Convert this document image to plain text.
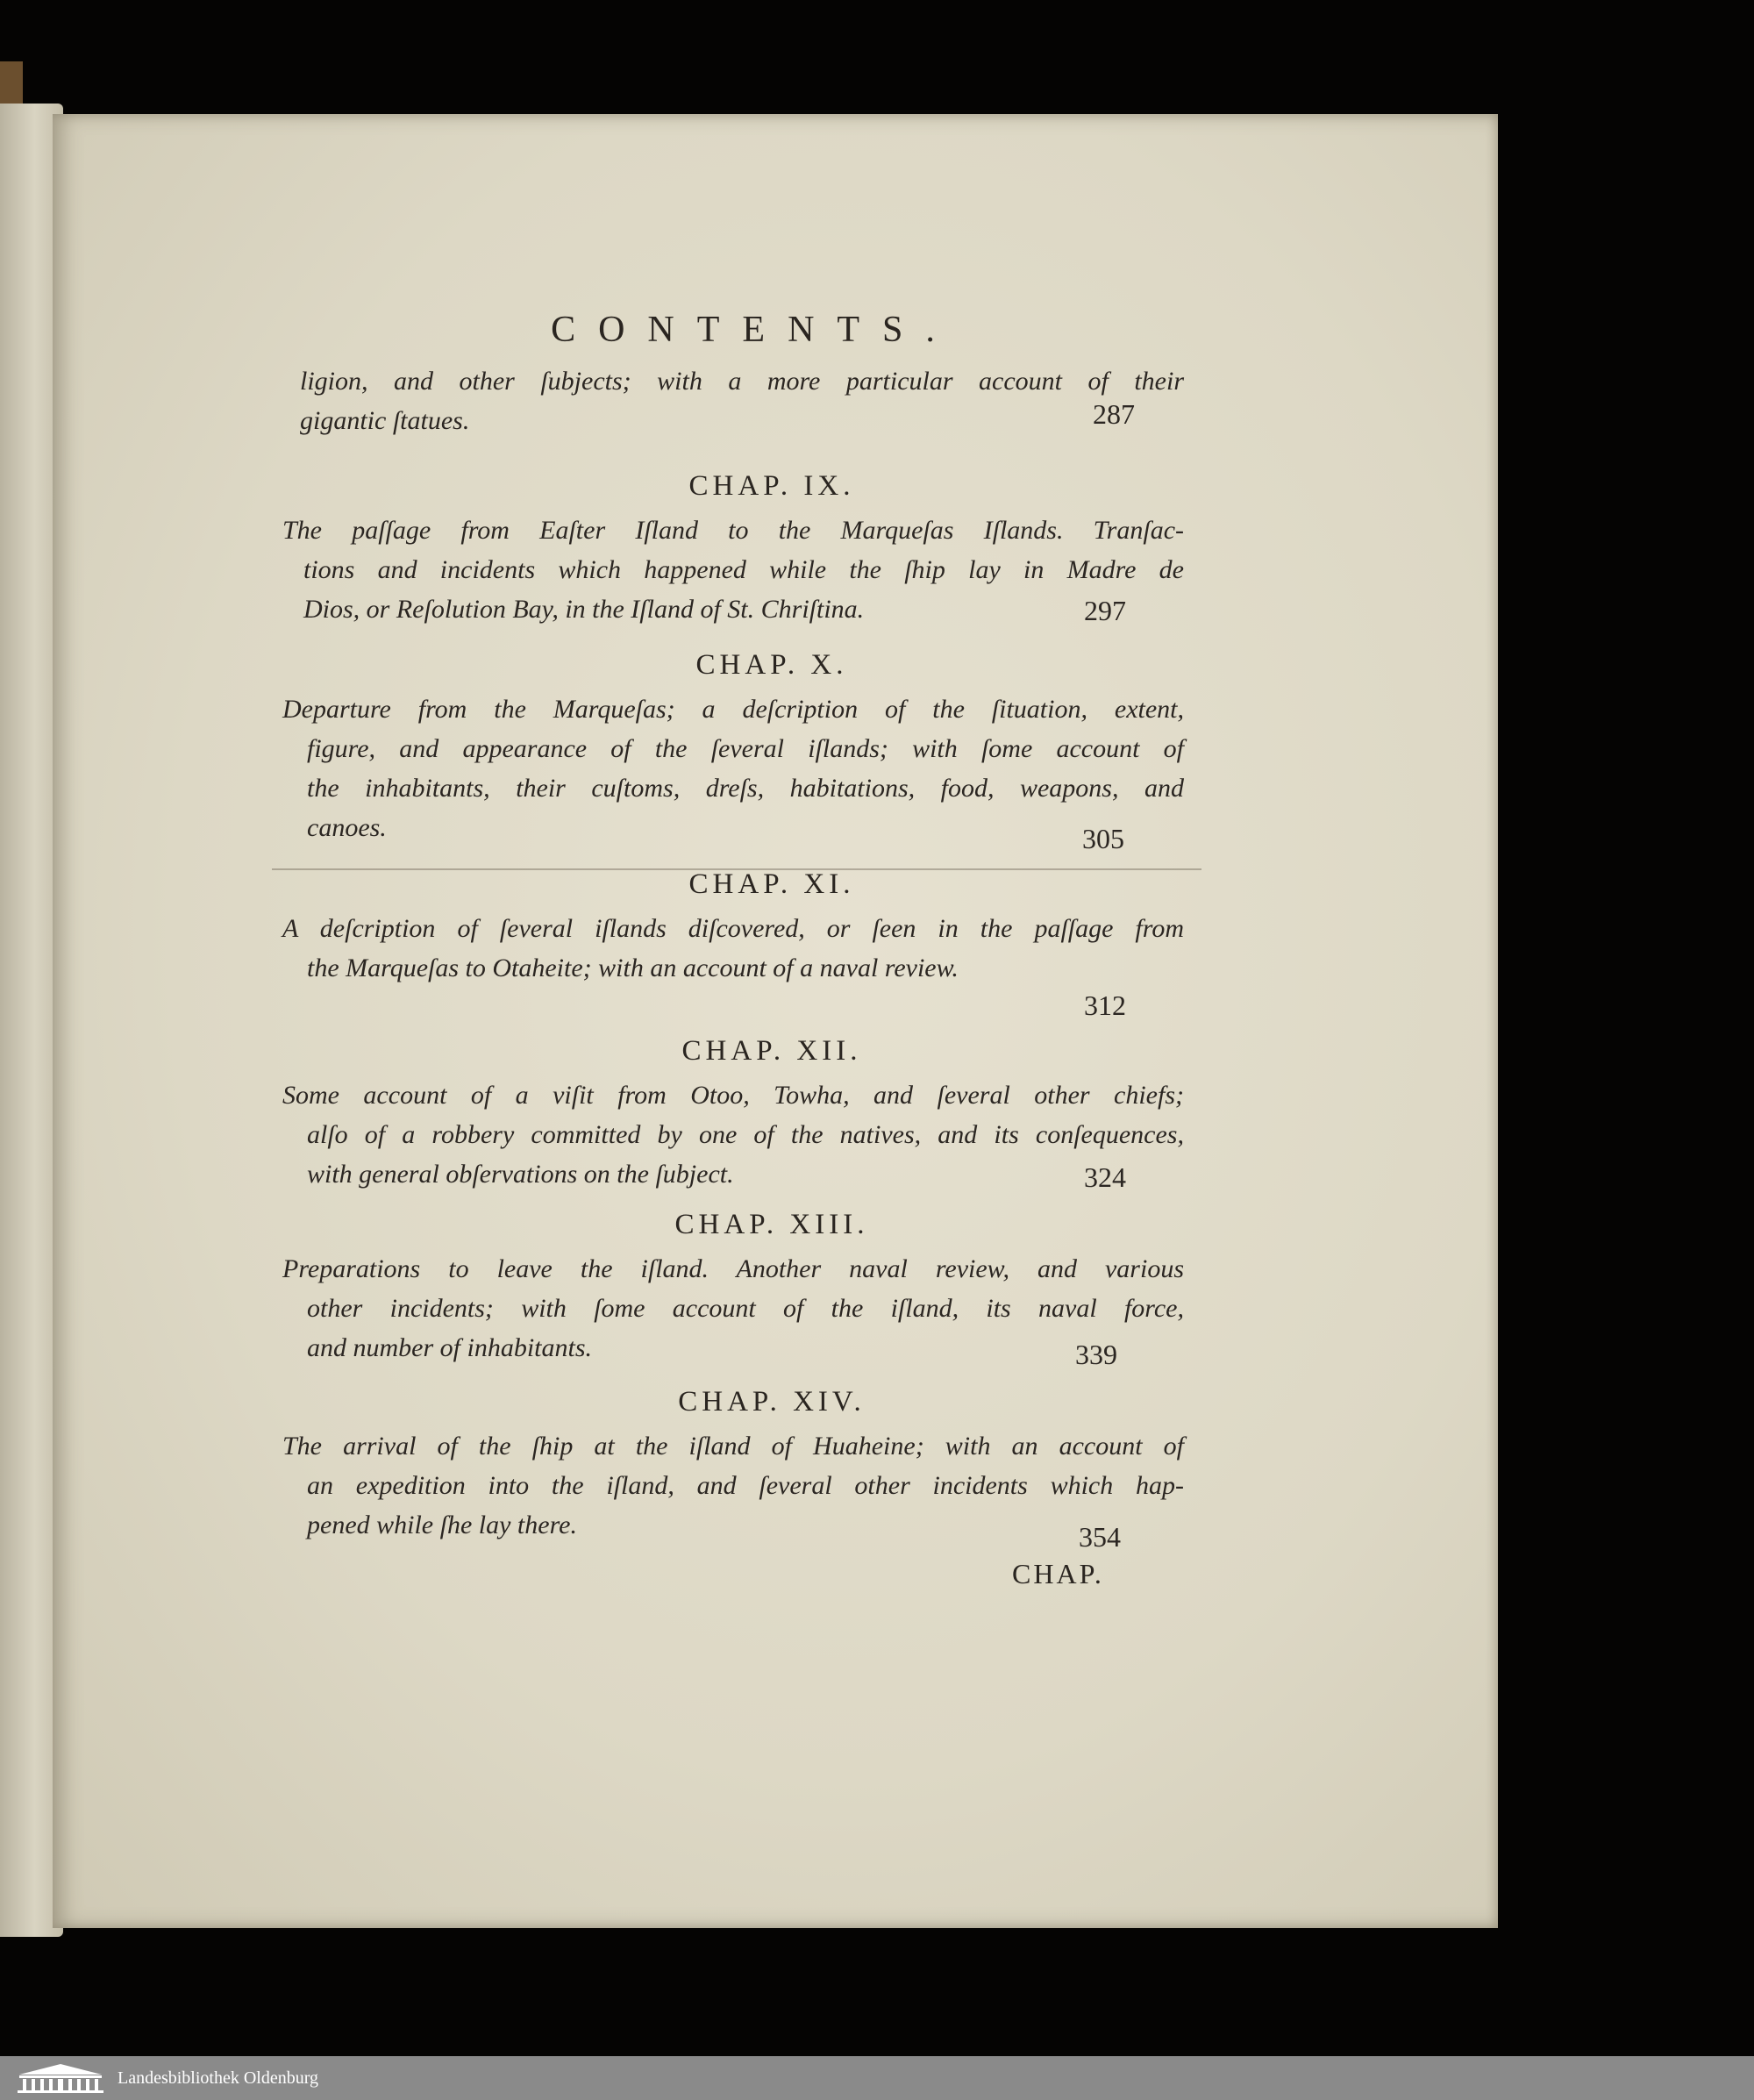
CONTENTS.
ligion, and other ſubjects; with a more particular account of their
gigantic ſtatues.	287
CHAP. IX.
The paſſage from Eaſter Iſland to the Marqueſas Iſlands. Tranſac-
tions and incidents which happened while the ſhip lay in Madre de
Dios, or Reſolution Bay, in the Iſland of St. Chriſtina.	297
CHAP. X.
Departure from the Marqueſas; a deſcription of the ſituation, extent,
figure, and appearance of the ſeveral iſlands; with ſome account of
the inhabitants, their cuſtoms, dreſs, habitations, food, weapons, and
canoes.	305
CHAP. XI.
A deſcription of ſeveral iſlands diſcovered, or ſeen in the paſſage from
the Marqueſas to Otaheite; with an account of a naval review.
312
CHAP. XII.
Some account of a viſit from Otoo, Towha, and ſeveral other chiefs;
alſo of a robbery committed by one of the natives, and its conſequences,
with general obſervations on the ſubject.	324
CHAP. XIII.
Preparations to leave the iſland. Another naval review, and various
other incidents; with ſome account of the iſland, its naval force,
and number of inhabitants.	339
CHAP. XIV.
The arrival of the ſhip at the iſland of Huaheine; with an account of
an expedition into the iſland, and ſeveral other incidents which hap-
pened while ſhe lay there.	354
CHAP.
Landesbibliothek Oldenburg
